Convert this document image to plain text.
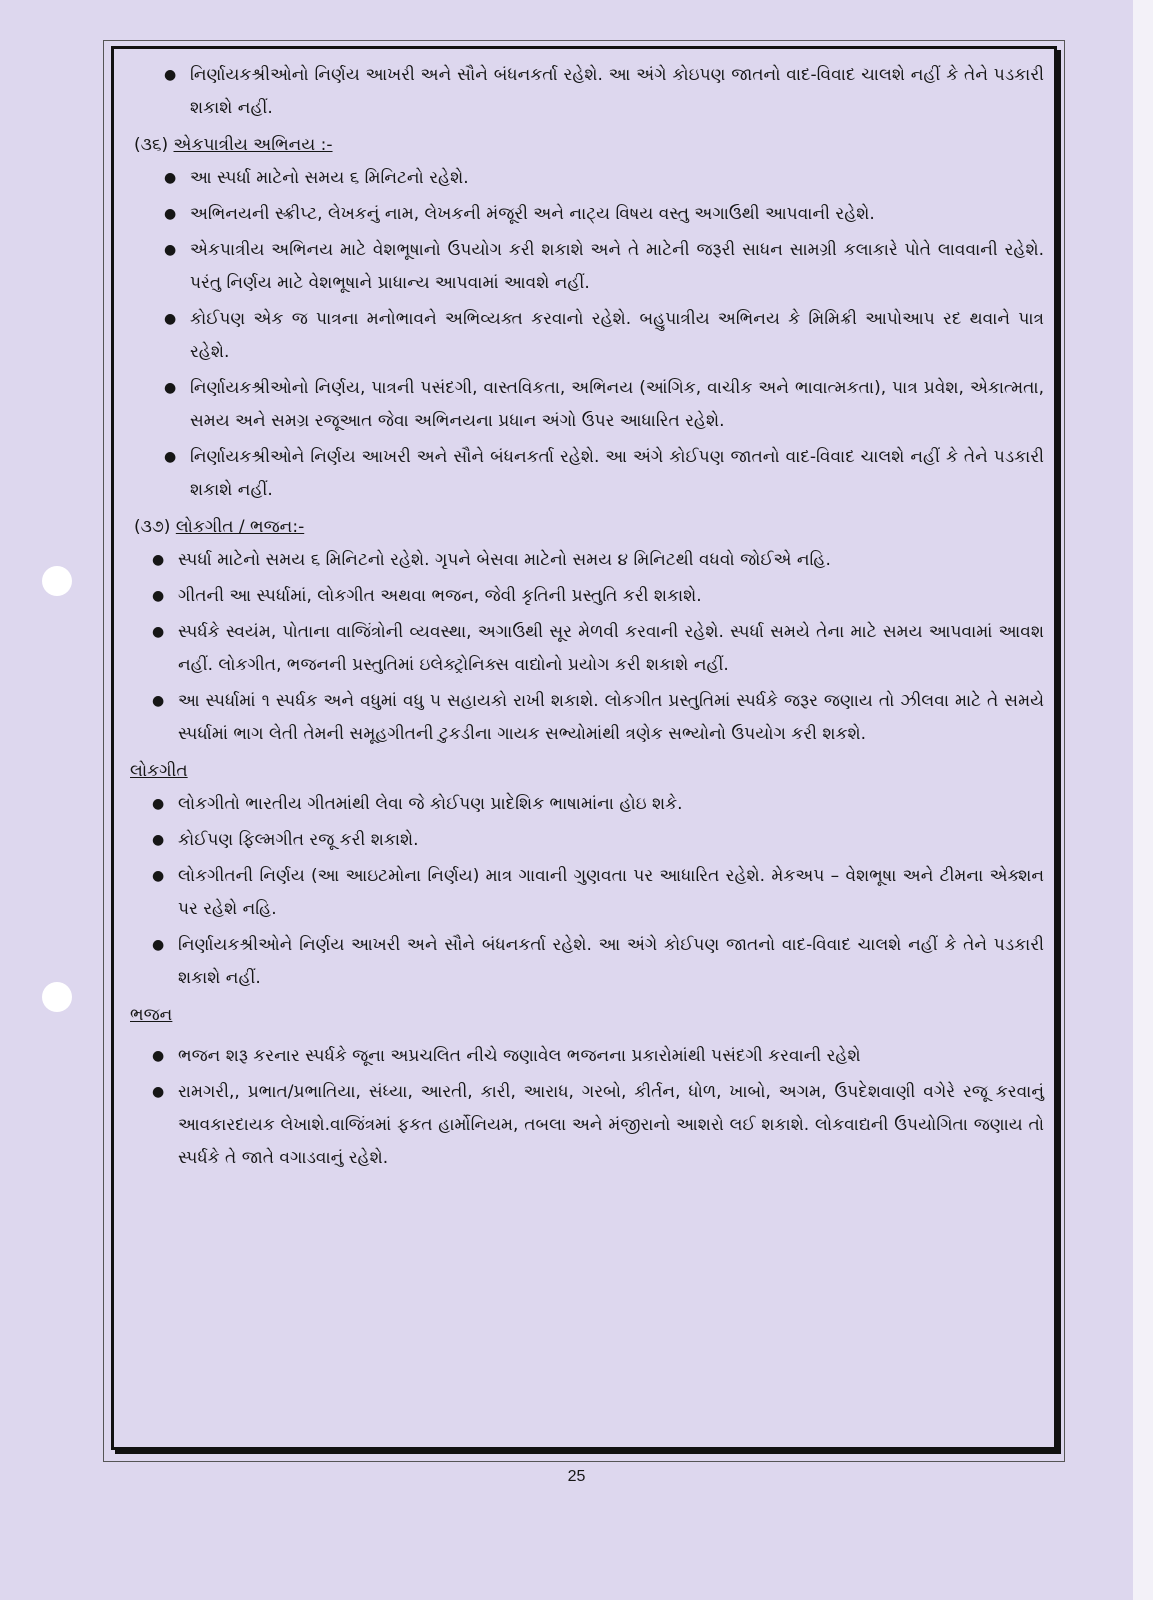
● નિર્ણાયકશ્રીઓનો નિર્ણય આખરી અને સૌને બંધનકર્તા રહેશે. આ અંગે કોઇપણ જાતનો વાદ-વિવાદ ચાલશે નહીં કે તેને પડકારી શકાશે નહીં.
(૩૬) એકપાત્રીય અભિનય :-
● આ સ્પર્ધા માટેનો સમય ૬ મિનિટનો રહેશે.
● અભિનયની સ્ક્રીપ્ટ, લેખકનું નામ, લેખકની મંજૂરી અને નાટ્ય વિષય વસ્તુ અગાઉથી આપવાની રહેશે.
● એકપાત્રીય અભિનય માટે વેશભૂષાનો ઉપયોગ કરી શકાશે અને તે માટેની જરૂરી સાધન સામગ્રી કલાકારે પોતે લાવવાની રહેશે. પરંતુ નિર્ણય માટે વેશભૂષાને પ્રાધાન્ય આપવામાં આવશે નહીં.
● કોઈપણ એક જ પાત્રના મનોભાવને અભિવ્યક્ત કરવાનો રહેશે. બહુપાત્રીય અભિનય કે મિમિક્રી આપોઆપ રદ થવાને પાત્ર રહેશે.
● નિર્ણાયકશ્રીઓનો નિર્ણય, પાત્રની પસંદગી, વાસ્તવિકતા, અભિનય (આંગિક, વાચીક અને ભાવાત્મકતા), પાત્ર પ્રવેશ, એકાત્મતા, સમય અને સમગ્ર રજૂઆત જેવા અભિનયના પ્રધાન અંગો ઉપર આધારિત રહેશે.
● નિર્ણાયકશ્રીઓને નિર્ણય આખરી અને સૌને બંધનકર્તા રહેશે. આ અંગે કોઈપણ જાતનો વાદ-વિવાદ ચાલશે નહીં કે તેને પડકારી શકાશે નહીં.
(૩૭) લોકગીત / ભજન:-
● સ્પર્ધા માટેનો સમય ૬ મિનિટનો રહેશે. ગૃપને બેસવા માટેનો સમય ૪ મિનિટથી વધવો જોઈએ નહિ.
● ગીતની આ સ્પર્ધામાં, લોકગીત અથવા ભજન, જેવી કૃતિની પ્રસ્તુતિ કરી શકાશે.
● સ્પર્ધકે સ્વયંમ, પોતાના વાજિંત્રોની વ્યવસ્થા, અગાઉથી સૂર મેળવી કરવાની રહેશે. સ્પર્ધા સમયે તેના માટે સમય આપવામાં આવશ નહીં. લોકગીત, ભજનની પ્રસ્તુતિમાં ઇલેક્ટ્રોનિક્સ વાદ્યોનો પ્રયોગ કરી શકાશે નહીં.
● આ સ્પર્ધામાં ૧ સ્પર્ધક અને વધુમાં વધુ ૫ સહાયકો રાખી શકાશે. લોકગીત પ્રસ્તુતિમાં સ્પર્ધકે જરૂર જણાય તો ઝીલવા માટે તે સમયે સ્પર્ધામાં ભાગ લેતી તેમની સમૂહગીતની ટુકડીના ગાયક સભ્યોમાંથી ત્રણેક સભ્યોનો ઉપયોગ કરી શકશે.
લોકગીત
● લોકગીતો ભારતીય ગીતમાંથી લેવા જે કોઈપણ પ્રાદેશિક ભાષામાંના હોઇ શકે.
● કોઈપણ ફિલ્મગીત રજૂ કરી શકાશે.
● લોકગીતની નિર્ણય (આ આઇટમોના નિર્ણય) માત્ર ગાવાની ગુણવતા પર આધારિત રહેશે. મેકઅપ – વેશભૂષા અને ટીમના એક્શન પર રહેશે નહિ.
● નિર્ણાયકશ્રીઓને નિર્ણય આખરી અને સૌને બંધનકર્તા રહેશે. આ અંગે કોઈપણ જાતનો વાદ-વિવાદ ચાલશે નહીં કે તેને પડકારી શકાશે નહીં.
ભજન
● ભજન શરૂ કરનાર સ્પર્ધકે જૂના અપ્રચલિત નીચે જણાવેલ ભજનના પ્રકારોમાંથી પસંદગી કરવાની રહેશે
● રામગરી,, પ્રભાત/પ્રભાતિયા, સંધ્યા, આરતી, કારી, આરાધ, ગરબો, કીર્તન, ધોળ, ખાબો, અગમ, ઉપદેશવાણી વગેરે રજૂ કરવાનું આવકારદાયક લેખાશે.વાજિંત્રમાં ફકત હાર્મોનિયમ, તબલા અને મંજીરાનો આશરો લઈ શકાશે. લોકવાદ્યની ઉપયોગિતા જણાય તો સ્પર્ધકે તે જાતે વગાડવાનું રહેશે.
25
